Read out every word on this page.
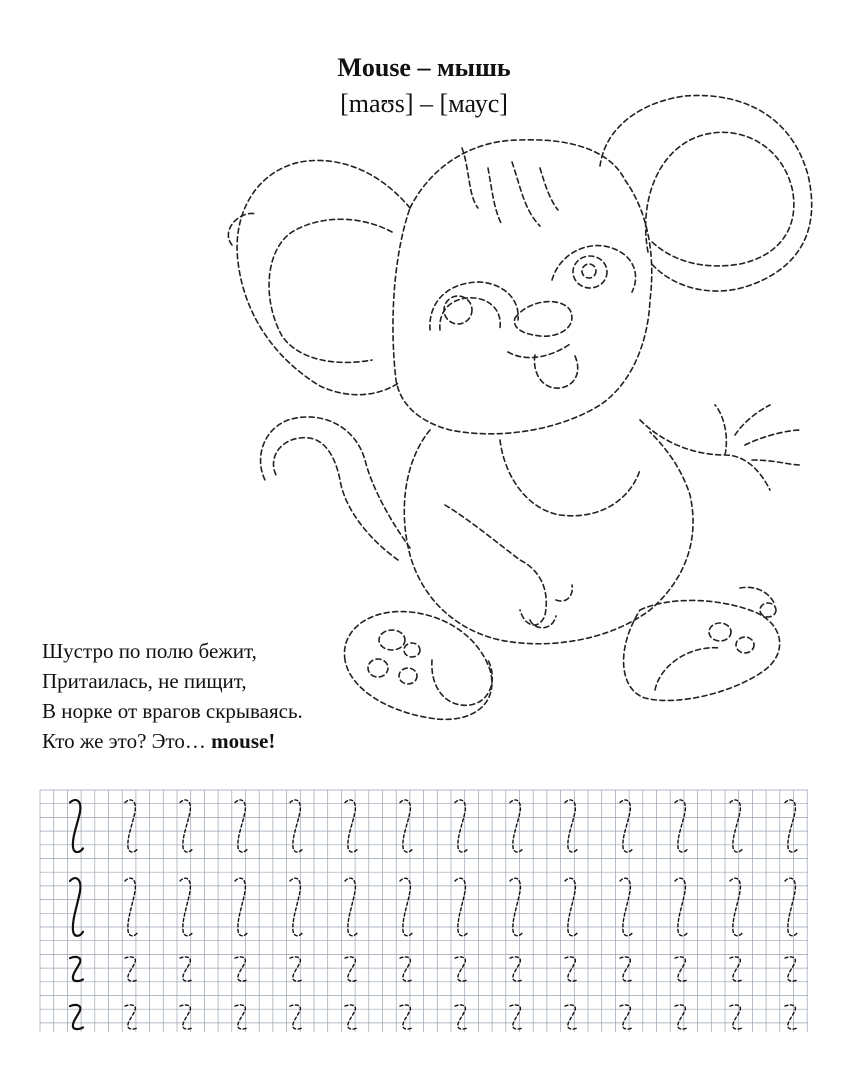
Mouse – мышь
[maʊs] – [маус]
Шустро по полю бежит,
Притаилась, не пищит,
В норке от врагов скрываясь.
Кто же это? Это… mouse!
